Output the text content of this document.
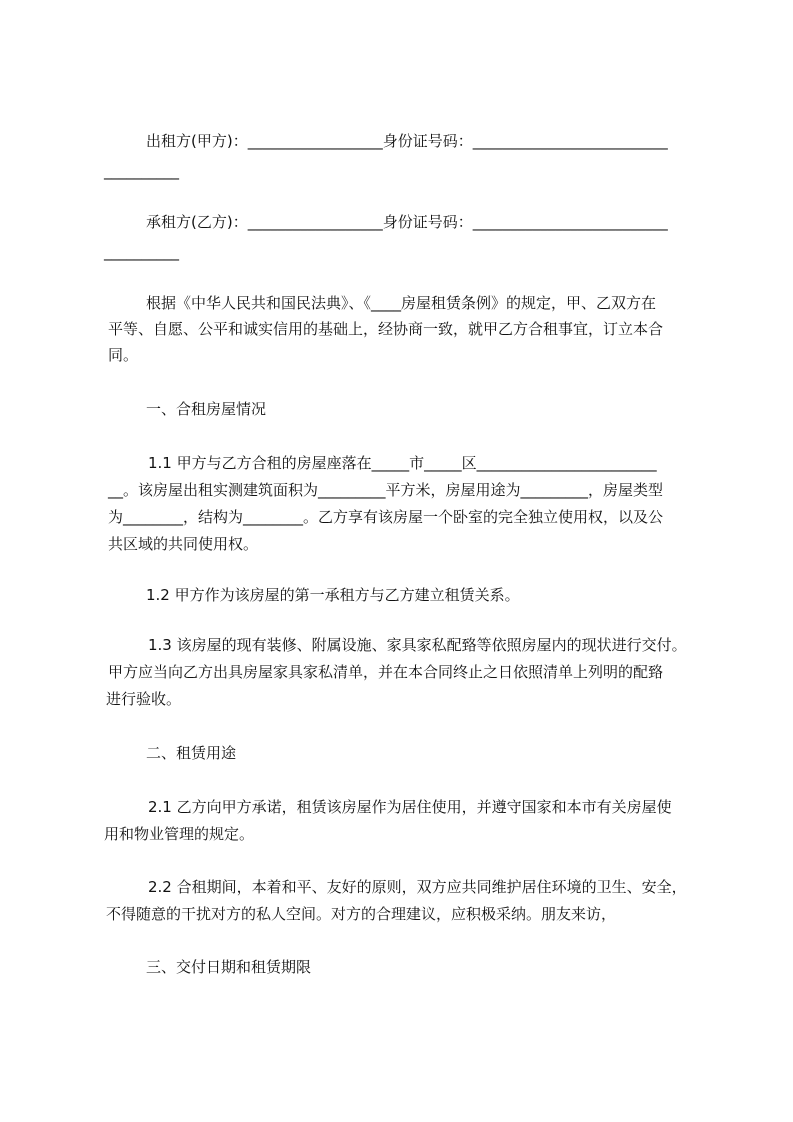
出租方(甲方)：__________________身份证号码：__________________________
__________
承租方(乙方)：__________________身份证号码：__________________________
__________
根据《中华人民共和国民法典》、《____房屋租赁条例》的规定，甲、乙双方在
平等、自愿、公平和诚实信用的基础上，经协商一致，就甲乙方合租事宜，订立本合
同。
一、合租房屋情况
1.1 甲方与乙方合租的房屋座落在_____市_____区________________________
__。该房屋出租实测建筑面积为_________平方米，房屋用途为_________，房屋类型
为________，结构为________。乙方享有该房屋一个卧室的完全独立使用权，以及公
共区域的共同使用权。
1.2 甲方作为该房屋的第一承租方与乙方建立租赁关系。
1.3 该房屋的现有装修、附属设施、家具家私配臵等依照房屋内的现状进行交付。
甲方应当向乙方出具房屋家具家私清单，并在本合同终止之日依照清单上列明的配臵
进行验收。
二、租赁用途
2.1 乙方向甲方承诺，租赁该房屋作为居住使用，并遵守国家和本市有关房屋使
用和物业管理的规定。
2.2 合租期间，本着和平、友好的原则，双方应共同维护居住环境的卫生、安全，
不得随意的干扰对方的私人空间。对方的合理建议，应积极采纳。朋友来访，
三、交付日期和租赁期限
